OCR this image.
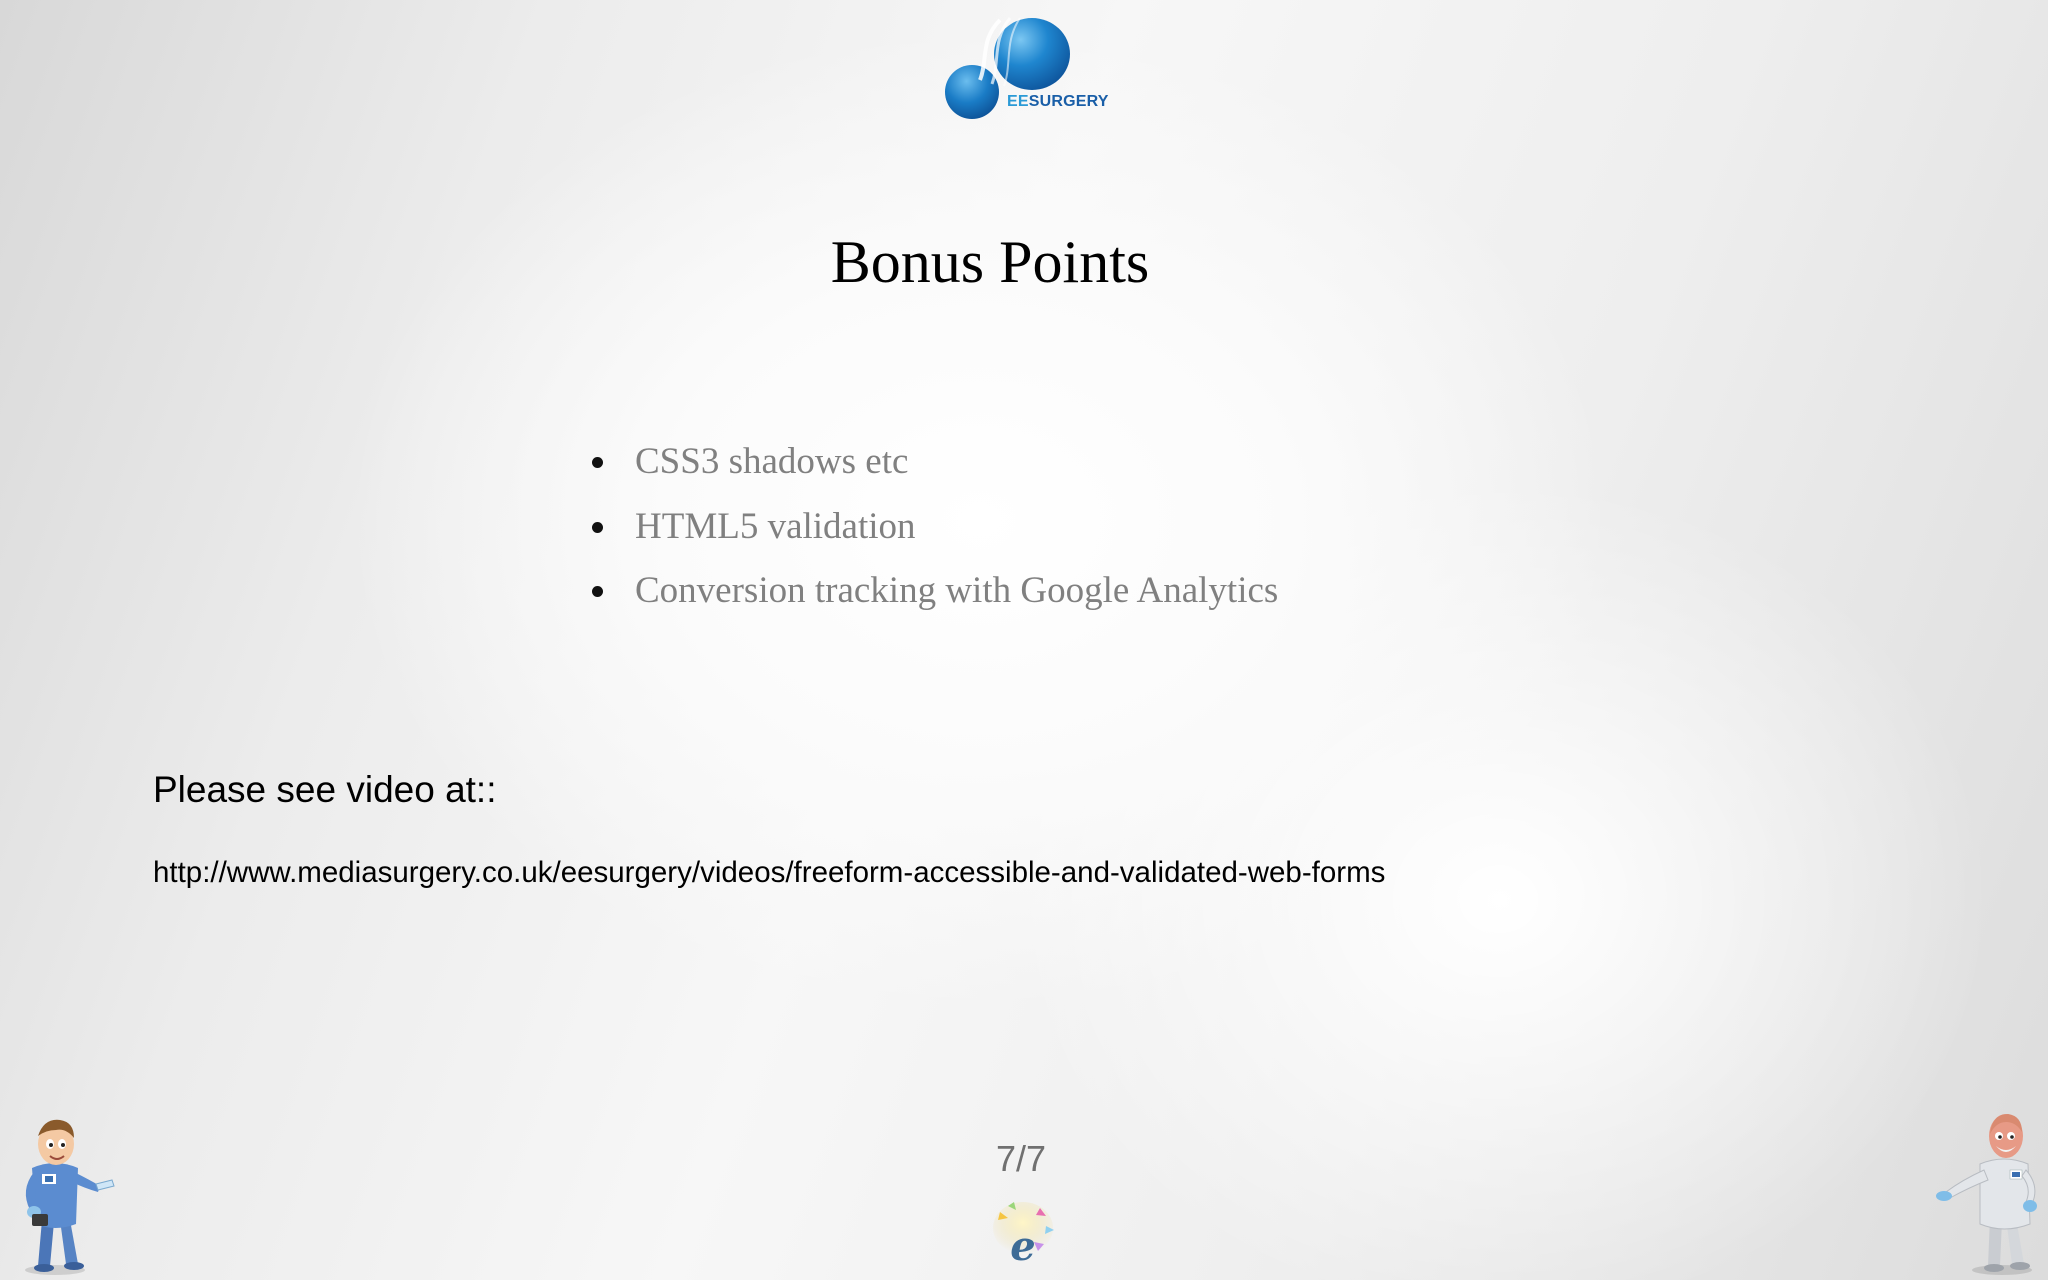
EESURGERY
Bonus Points
CSS3 shadows etc
HTML5 validation
Conversion tracking with Google Analytics
Please see video at::
http://www.mediasurgery.co.uk/eesurgery/videos/freeform-accessible-and-validated-web-forms
7/7
e
